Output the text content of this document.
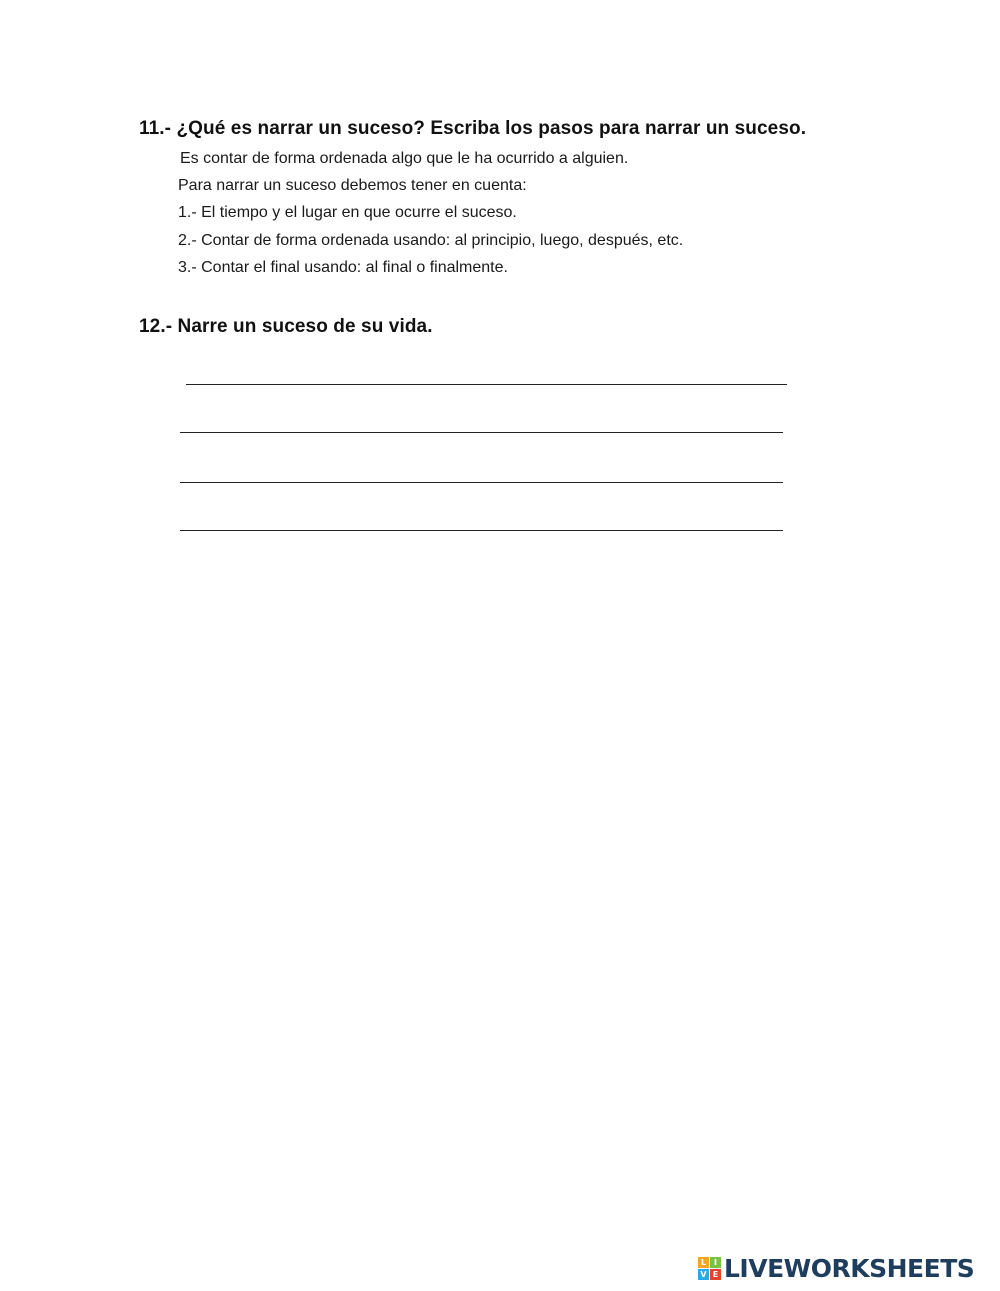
11.- ¿Qué es narrar un suceso? Escriba los pasos para narrar un suceso.
Es contar de forma ordenada algo que le ha ocurrido a alguien.
Para narrar un suceso debemos tener en cuenta:
1.- El tiempo y el lugar en que ocurre el suceso.
2.- Contar de forma ordenada usando: al principio, luego, después, etc.
3.- Contar el final usando: al final o finalmente.
12.- Narre un suceso de su vida.
L I
V E LIVEWORKSHEETS
